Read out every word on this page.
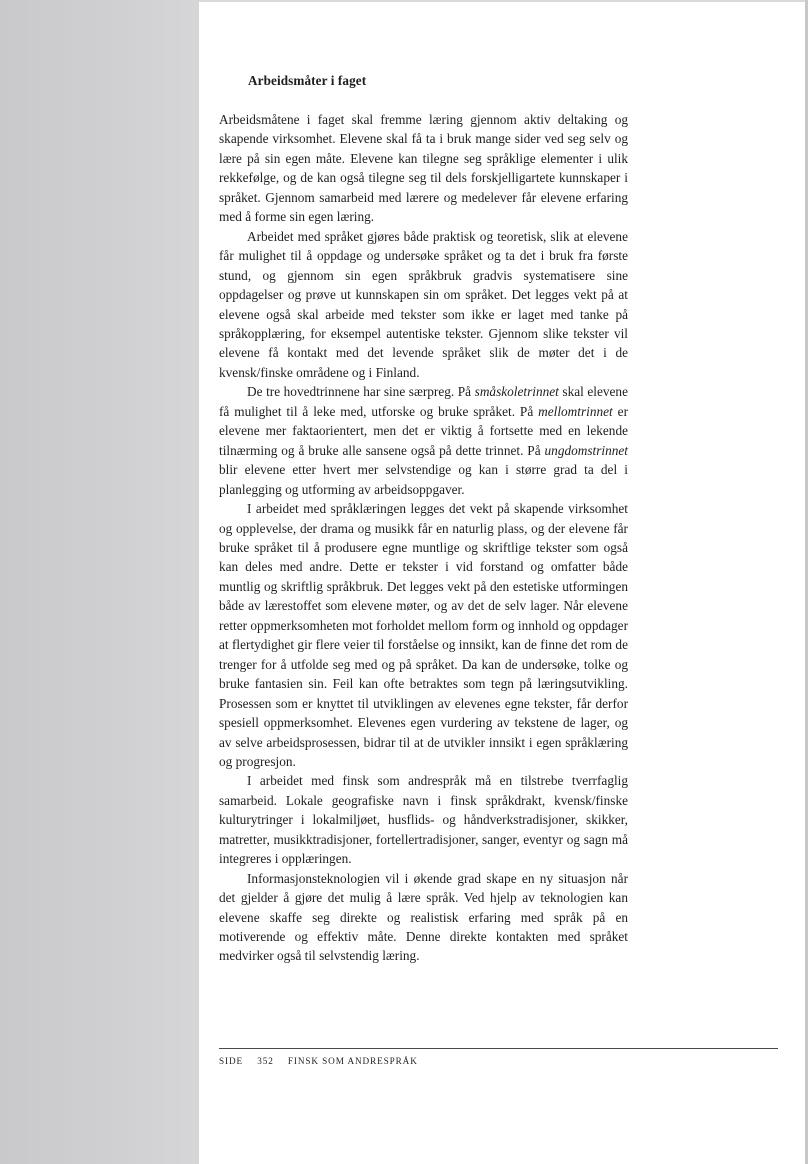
Arbeidsmåter i faget

Arbeidsmåtene i faget skal fremme læring gjennom aktiv deltaking og skapende virksomhet. Elevene skal få ta i bruk mange sider ved seg selv og lære på sin egen måte. Elevene kan tilegne seg språklige elementer i ulik rekkefølge, og de kan også tilegne seg til dels forskjelligartete kunnskaper i språket. Gjennom samarbeid med lærere og medelever får elevene erfaring med å forme sin egen læring.

Arbeidet med språket gjøres både praktisk og teoretisk, slik at elevene får mulighet til å oppdage og undersøke språket og ta det i bruk fra første stund, og gjennom sin egen språkbruk gradvis systematisere sine oppdagelser og prøve ut kunnskapen sin om språket. Det legges vekt på at elevene også skal arbeide med tekster som ikke er laget med tanke på språkopplæring, for eksempel autentiske tekster. Gjennom slike tekster vil elevene få kontakt med det levende språket slik de møter det i de kvensk/finske områdene og i Finland.

De tre hovedtrinnene har sine særpreg. På småskoletrinnet skal elevene få mulighet til å leke med, utforske og bruke språket. På mellomtrinnet er elevene mer faktaorientert, men det er viktig å fortsette med en lekende tilnærming og å bruke alle sansene også på dette trinnet. På ungdomstrinnet blir elevene etter hvert mer selvstendige og kan i større grad ta del i planlegging og utforming av arbeidsoppgaver.

I arbeidet med språklæringen legges det vekt på skapende virksomhet og opplevelse, der drama og musikk får en naturlig plass, og der elevene får bruke språket til å produsere egne muntlige og skriftlige tekster som også kan deles med andre. Dette er tekster i vid forstand og omfatter både muntlig og skriftlig språkbruk. Det legges vekt på den estetiske utformingen både av lærestoffet som elevene møter, og av det de selv lager. Når elevene retter oppmerksomheten mot forholdet mellom form og innhold og oppdager at flertydighet gir flere veier til forståelse og innsikt, kan de finne det rom de trenger for å utfolde seg med og på språket. Da kan de undersøke, tolke og bruke fantasien sin. Feil kan ofte betraktes som tegn på læringsutvikling. Prosessen som er knyttet til utviklingen av elevenes egne tekster, får derfor spesiell oppmerksomhet. Elevenes egen vurdering av tekstene de lager, og av selve arbeidsprosessen, bidrar til at de utvikler innsikt i egen språklæring og progresjon.

I arbeidet med finsk som andrespråk må en tilstrebe tverrfaglig samarbeid. Lokale geografiske navn i finsk språkdrakt, kvensk/finske kulturytringer i lokalmiljøet, husflids- og håndverkstradisjoner, skikker, matretter, musikktradisjoner, fortellertradisjoner, sanger, eventyr og sagn må integreres i opplæringen.

Informasjonsteknologien vil i økende grad skape en ny situasjon når det gjelder å gjøre det mulig å lære språk. Ved hjelp av teknologien kan elevene skaffe seg direkte og realistisk erfaring med språk på en motiverende og effektiv måte. Denne direkte kontakten med språket medvirker også til selvstendig læring.

SIDE 352 FINSK SOM ANDRESPRÅK
